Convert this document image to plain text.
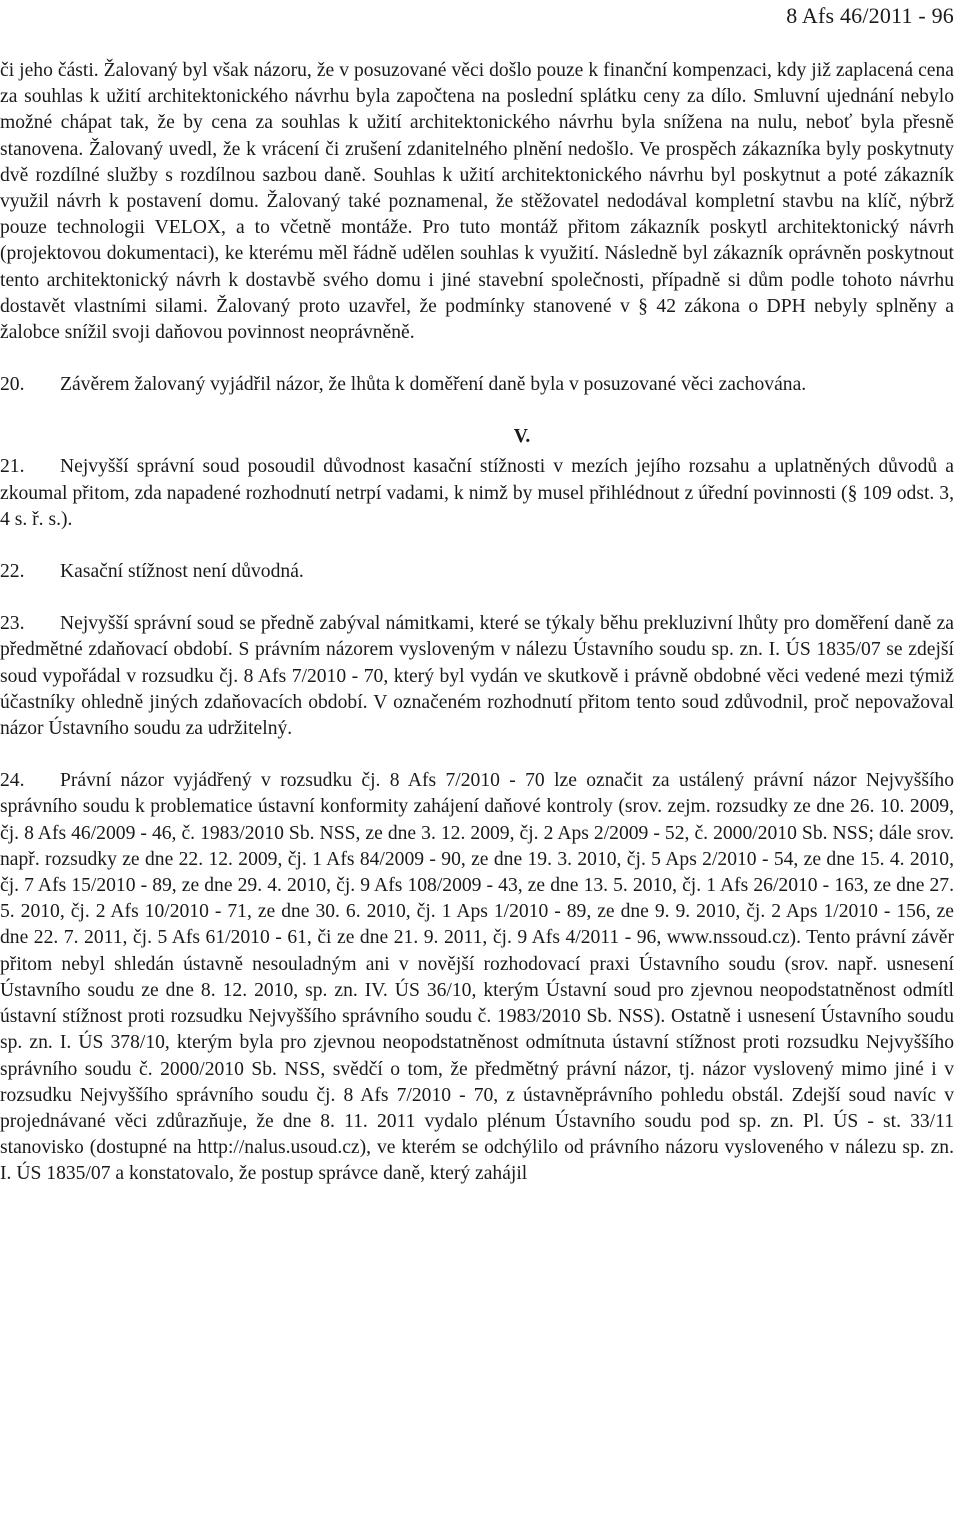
8 Afs 46/2011 - 96

či jeho části. Žalovaný byl však názoru, že v posuzované věci došlo pouze k finanční kompenzaci, kdy již zaplacená cena za souhlas k užití architektonického návrhu byla započtena na poslední splátku ceny za dílo. Smluvní ujednání nebylo možné chápat tak, že by cena za souhlas k užití architektonického návrhu byla snížena na nulu, neboť byla přesně stanovena. Žalovaný uvedl, že k vrácení či zrušení zdanitelného plnění nedošlo. Ve prospěch zákazníka byly poskytnuty dvě rozdílné služby s rozdílnou sazbou daně. Souhlas k užití architektonického návrhu byl poskytnut a poté zákazník využil návrh k postavení domu. Žalovaný také poznamenal, že stěžovatel nedodával kompletní stavbu na klíč, nýbrž pouze technologii VELOX, a to včetně montáže. Pro tuto montáž přitom zákazník poskytl architektonický návrh (projektovou dokumentaci), ke kterému měl řádně udělen souhlas k využití. Následně byl zákazník oprávněn poskytnout tento architektonický návrh k dostavbě svého domu i jiné stavební společnosti, případně si dům podle tohoto návrhu dostavět vlastními silami. Žalovaný proto uzavřel, že podmínky stanovené v § 42 zákona o DPH nebyly splněny a žalobce snížil svoji daňovou povinnost neoprávněně.

20. Závěrem žalovaný vyjádřil názor, že lhůta k doměření daně byla v posuzované věci zachována.

V.

21. Nejvyšší správní soud posoudil důvodnost kasační stížnosti v mezích jejího rozsahu a uplatněných důvodů a zkoumal přitom, zda napadené rozhodnutí netrpí vadami, k nimž by musel přihlédnout z úřední povinnosti (§ 109 odst. 3, 4 s. ř. s.).

22. Kasační stížnost není důvodná.

23. Nejvyšší správní soud se předně zabýval námitkami, které se týkaly běhu prekluzivní lhůty pro doměření daně za předmětné zdaňovací období. S právním názorem vysloveným v nálezu Ústavního soudu sp. zn. I. ÚS 1835/07 se zdejší soud vypořádal v rozsudku čj. 8 Afs 7/2010 - 70, který byl vydán ve skutkově i právně obdobné věci vedené mezi týmiž účastníky ohledně jiných zdaňovacích období. V označeném rozhodnutí přitom tento soud zdůvodnil, proč nepovažoval názor Ústavního soudu za udržitelný.

24. Právní názor vyjádřený v rozsudku čj. 8 Afs 7/2010 - 70 lze označit za ustálený právní názor Nejvyššího správního soudu k problematice ústavní konformity zahájení daňové kontroly (srov. zejm. rozsudky ze dne 26. 10. 2009, čj. 8 Afs 46/2009 - 46, č. 1983/2010 Sb. NSS, ze dne 3. 12. 2009, čj. 2 Aps 2/2009 - 52, č. 2000/2010 Sb. NSS; dále srov. např. rozsudky ze dne 22. 12. 2009, čj. 1 Afs 84/2009 - 90, ze dne 19. 3. 2010, čj. 5 Aps 2/2010 - 54, ze dne 15. 4. 2010, čj. 7 Afs 15/2010 - 89, ze dne 29. 4. 2010, čj. 9 Afs 108/2009 - 43, ze dne 13. 5. 2010, čj. 1 Afs 26/2010 - 163, ze dne 27. 5. 2010, čj. 2 Afs 10/2010 - 71, ze dne 30. 6. 2010, čj. 1 Aps 1/2010 - 89, ze dne 9. 9. 2010, čj. 2 Aps 1/2010 - 156, ze dne 22. 7. 2011, čj. 5 Afs 61/2010 - 61, či ze dne 21. 9. 2011, čj. 9 Afs 4/2011 - 96, www.nssoud.cz). Tento právní závěr přitom nebyl shledán ústavně nesouladným ani v novější rozhodovací praxi Ústavního soudu (srov. např. usnesení Ústavního soudu ze dne 8. 12. 2010, sp. zn. IV. ÚS 36/10, kterým Ústavní soud pro zjevnou neopodstatněnost odmítl ústavní stížnost proti rozsudku Nejvyššího správního soudu č. 1983/2010 Sb. NSS). Ostatně i usnesení Ústavního soudu sp. zn. I. ÚS 378/10, kterým byla pro zjevnou neopodstatněnost odmítnuta ústavní stížnost proti rozsudku Nejvyššího správního soudu č. 2000/2010 Sb. NSS, svědčí o tom, že předmětný právní názor, tj. názor vyslovený mimo jiné i v rozsudku Nejvyššího správního soudu čj. 8 Afs 7/2010 - 70, z ústavněprávního pohledu obstál. Zdejší soud navíc v projednávané věci zdůrazňuje, že dne 8. 11. 2011 vydalo plénum Ústavního soudu pod sp. zn. Pl. ÚS - st. 33/11 stanovisko (dostupné na http://nalus.usoud.cz), ve kterém se odchýlilo od právního názoru vysloveného v nálezu sp. zn. I. ÚS 1835/07 a konstatovalo, že postup správce daně, který zahájil
